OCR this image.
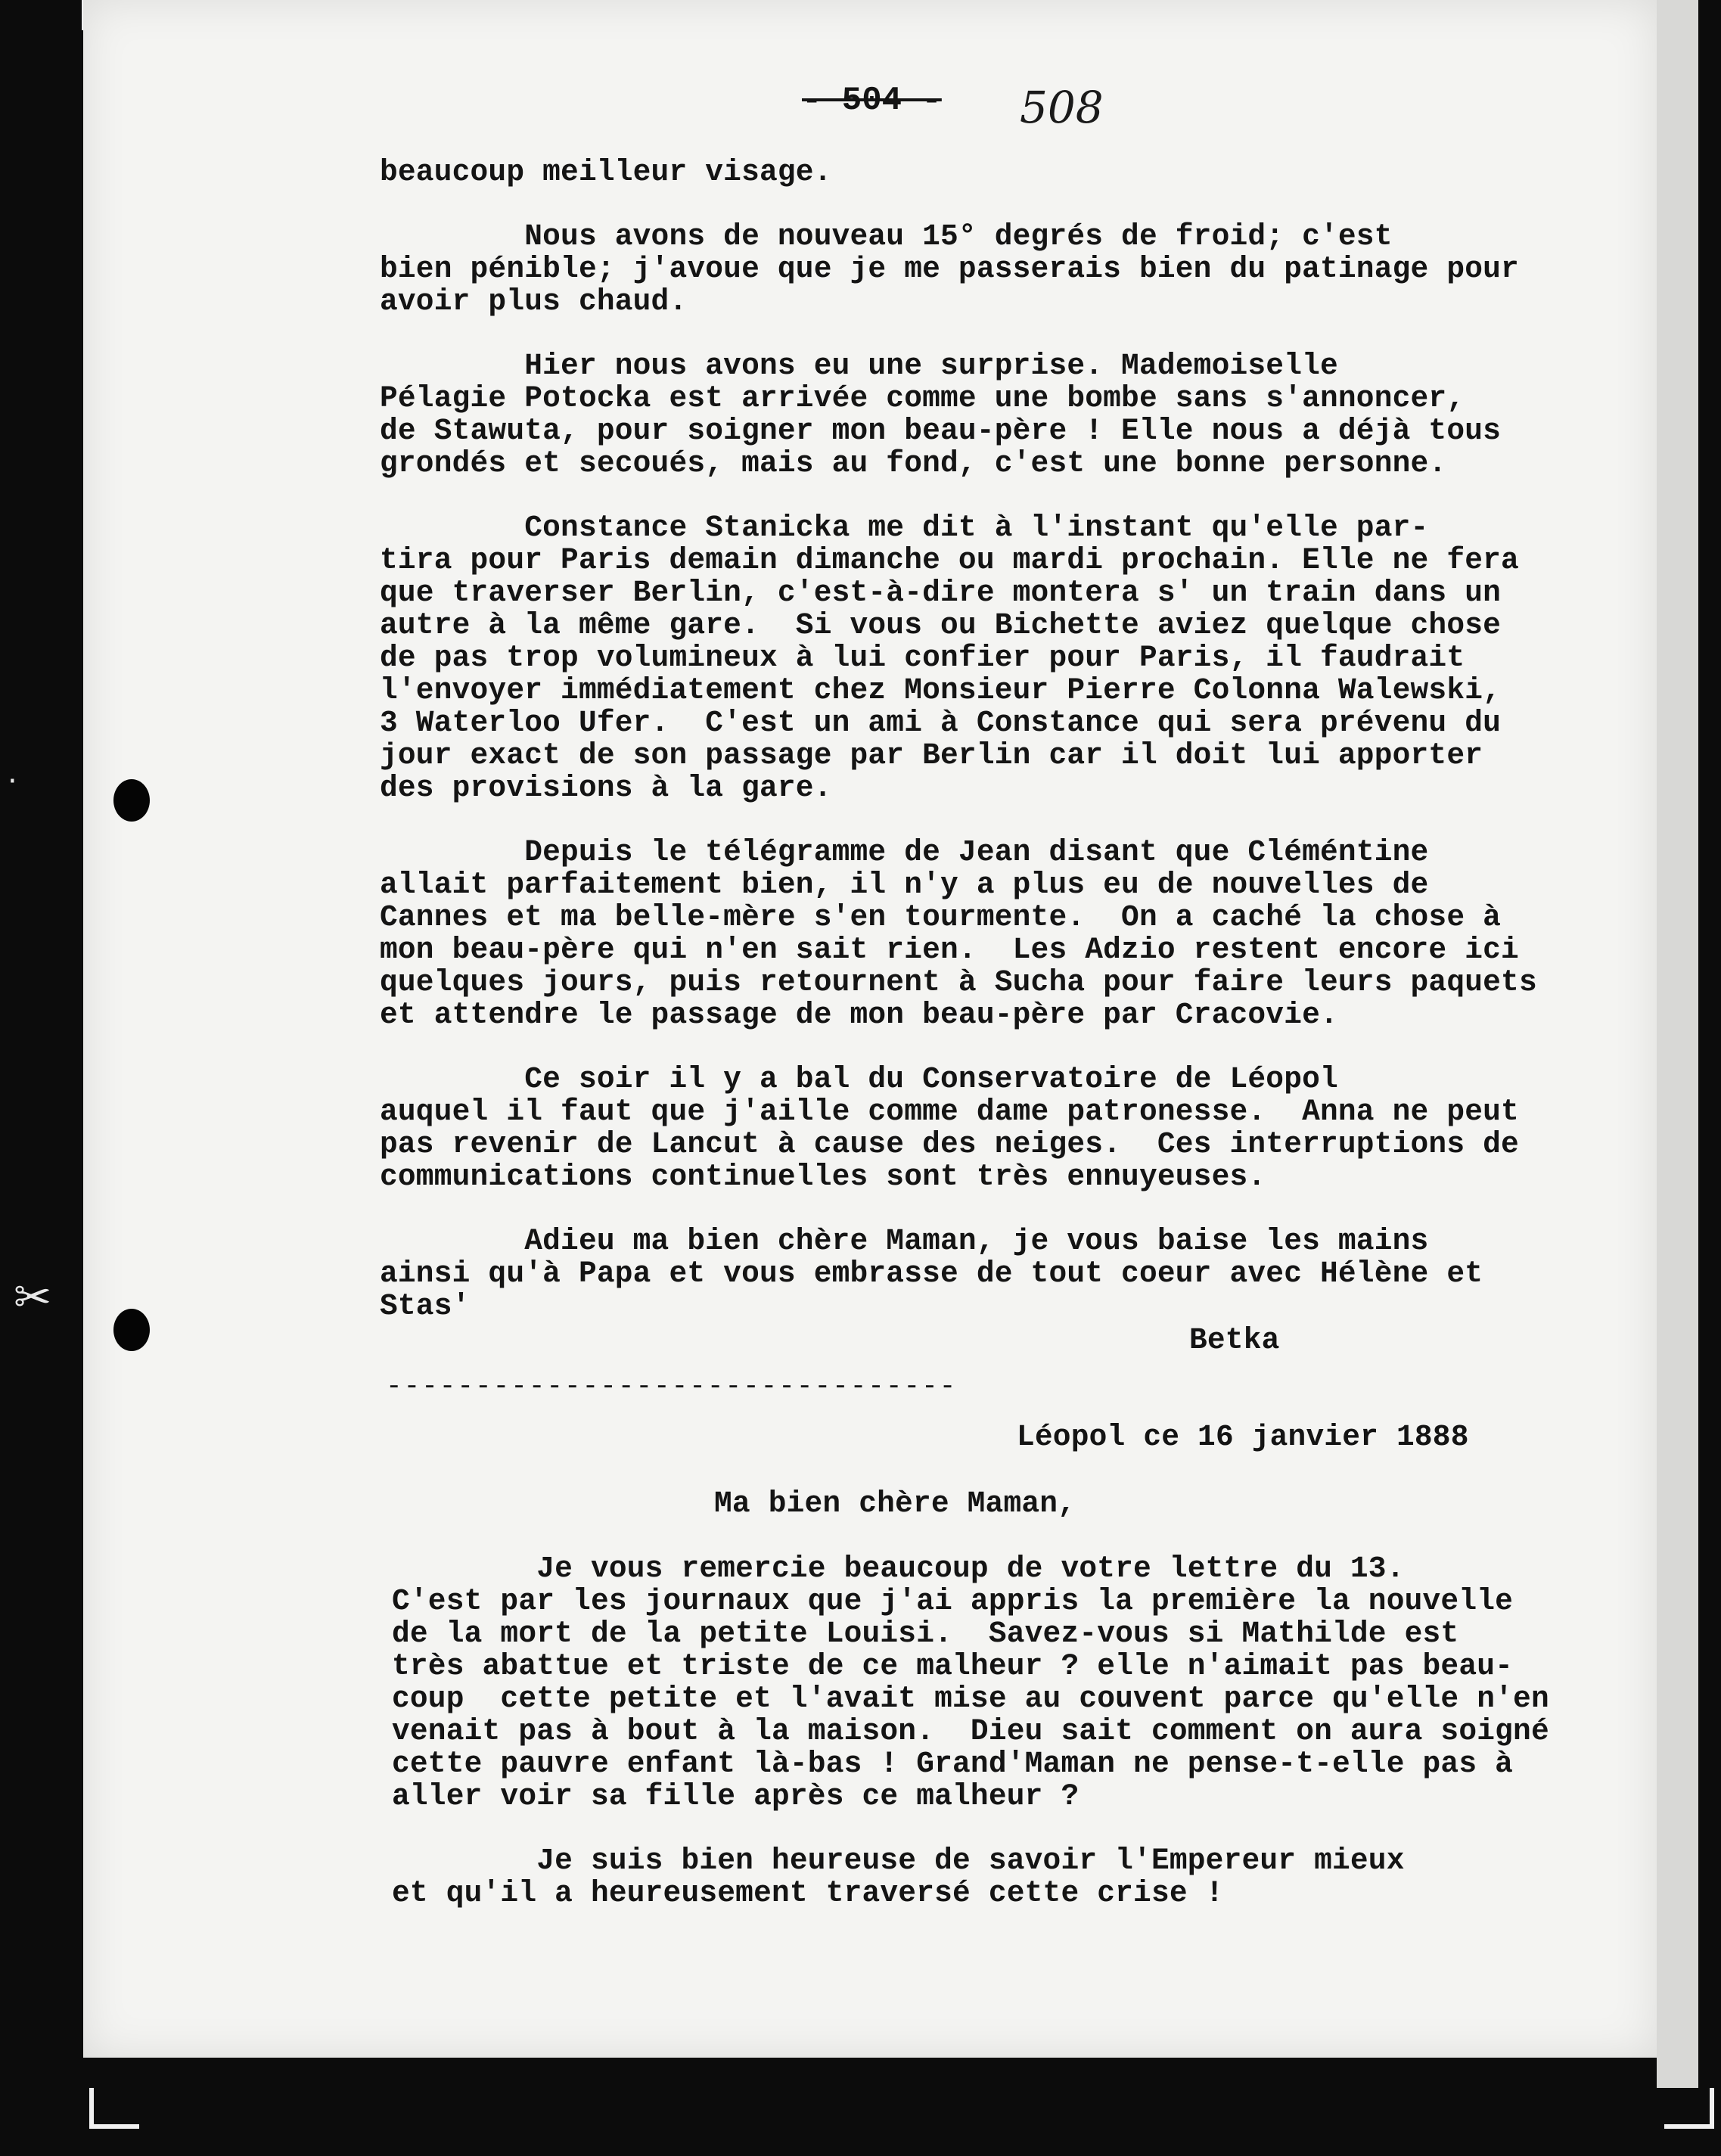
✂
·
- 504 - 508
beaucoup meilleur visage.
Nous avons de nouveau 15° degrés de froid; c'est
bien pénible; j'avoue que je me passerais bien du patinage pour
avoir plus chaud.
Hier nous avons eu une surprise. Mademoiselle
Pélagie Potocka est arrivée comme une bombe sans s'annoncer,
de Stawuta, pour soigner mon beau-père ! Elle nous a déjà tous
grondés et secoués, mais au fond, c'est une bonne personne.
Constance Stanicka me dit à l'instant qu'elle par-
tira pour Paris demain dimanche ou mardi prochain. Elle ne fera
que traverser Berlin, c'est-à-dire montera s' un train dans un
autre à la même gare.  Si vous ou Bichette aviez quelque chose
de pas trop volumineux à lui confier pour Paris, il faudrait
l'envoyer immédiatement chez Monsieur Pierre Colonna Walewski,
3 Waterloo Ufer.  C'est un ami à Constance qui sera prévenu du
jour exact de son passage par Berlin car il doit lui apporter
des provisions à la gare.
Depuis le télégramme de Jean disant que Cléméntine
allait parfaitement bien, il n'y a plus eu de nouvelles de
Cannes et ma belle-mère s'en tourmente.  On a caché la chose à
mon beau-père qui n'en sait rien.  Les Adzio restent encore ici
quelques jours, puis retournent à Sucha pour faire leurs paquets
et attendre le passage de mon beau-père par Cracovie.
Ce soir il y a bal du Conservatoire de Léopol
auquel il faut que j'aille comme dame patronesse.  Anna ne peut
pas revenir de Lancut à cause des neiges.  Ces interruptions de
communications continuelles sont très ennuyeuses.
Adieu ma bien chère Maman, je vous baise les mains
ainsi qu'à Papa et vous embrasse de tout coeur avec Hélène et
Stas'
Betka
--------------------------------
Léopol ce 16 janvier 1888
Ma bien chère Maman,
Je vous remercie beaucoup de votre lettre du 13.
C'est par les journaux que j'ai appris la première la nouvelle
de la mort de la petite Louisi.  Savez-vous si Mathilde est
très abattue et triste de ce malheur ? elle n'aimait pas beau-
coup  cette petite et l'avait mise au couvent parce qu'elle n'en
venait pas à bout à la maison.  Dieu sait comment on aura soigné
cette pauvre enfant là-bas ! Grand'Maman ne pense-t-elle pas à
aller voir sa fille après ce malheur ?
Je suis bien heureuse de savoir l'Empereur mieux
et qu'il a heureusement traversé cette crise !
